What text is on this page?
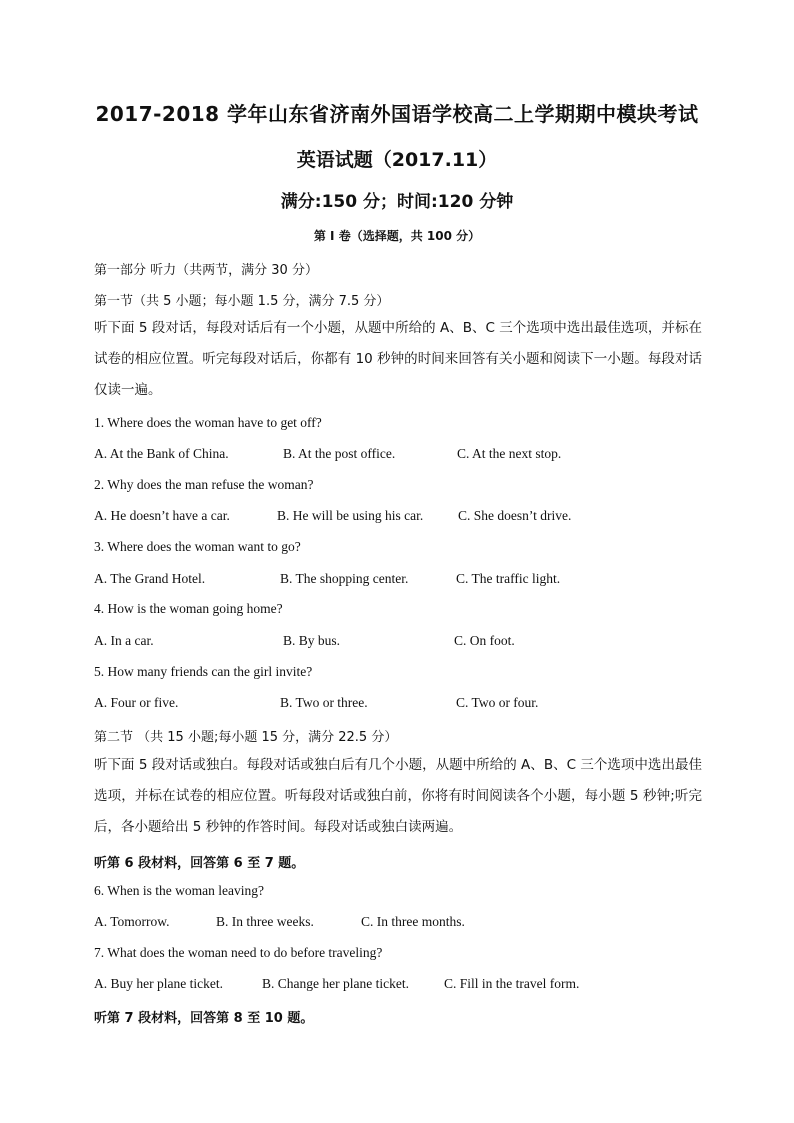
2017-2018 学年山东省济南外国语学校高二上学期期中模块考试
英语试题（2017.11）
满分:150 分；时间:120 分钟
第 I 卷（选择题，共 100 分）
第一部分 听力（共两节，满分 30 分）
第一节（共 5 小题；每小题 1.5 分，满分 7.5 分）
听下面 5 段对话，每段对话后有一个小题，从题中所给的 A、B、C 三个选项中选出最佳选项，并标在试卷的相应位置。听完每段对话后，你都有 10 秒钟的时间来回答有关小题和阅读下一小题。每段对话仅读一遍。
1. Where does the woman have to get off?
A. At the Bank of China.	B. At the post office.	C. At the next stop.
2. Why does the man refuse the woman?
A. He doesn’t have a car.	B. He will be using his car.	C. She doesn’t drive.
3. Where does the woman want to go?
A. The Grand Hotel.	B. The shopping center.	C. The traffic light.
4. How is the woman going home?
A. In a car.	B. By bus.	C. On foot.
5. How many friends can the girl invite?
A. Four or five.	B. Two or three.	C. Two or four.
第二节 （共 15 小题;每小题 15 分，满分 22.5 分）
听下面 5 段对话或独白。每段对话或独白后有几个小题，从题中所给的 A、B、C 三个选项中选出最佳选项，并标在试卷的相应位置。听每段对话或独白前，你将有时间阅读各个小题，每小题 5 秒钟;听完后，各小题给出 5 秒钟的作答时间。每段对话或独白读两遍。
听第 6 段材料，回答第 6 至 7 题。
6. When is the woman leaving?
A. Tomorrow.	B. In three weeks.	C. In three months.
7. What does the woman need to do before traveling?
A. Buy her plane ticket.	B. Change her plane ticket.	C. Fill in the travel form.
听第 7 段材料，回答第 8 至 10 题。
